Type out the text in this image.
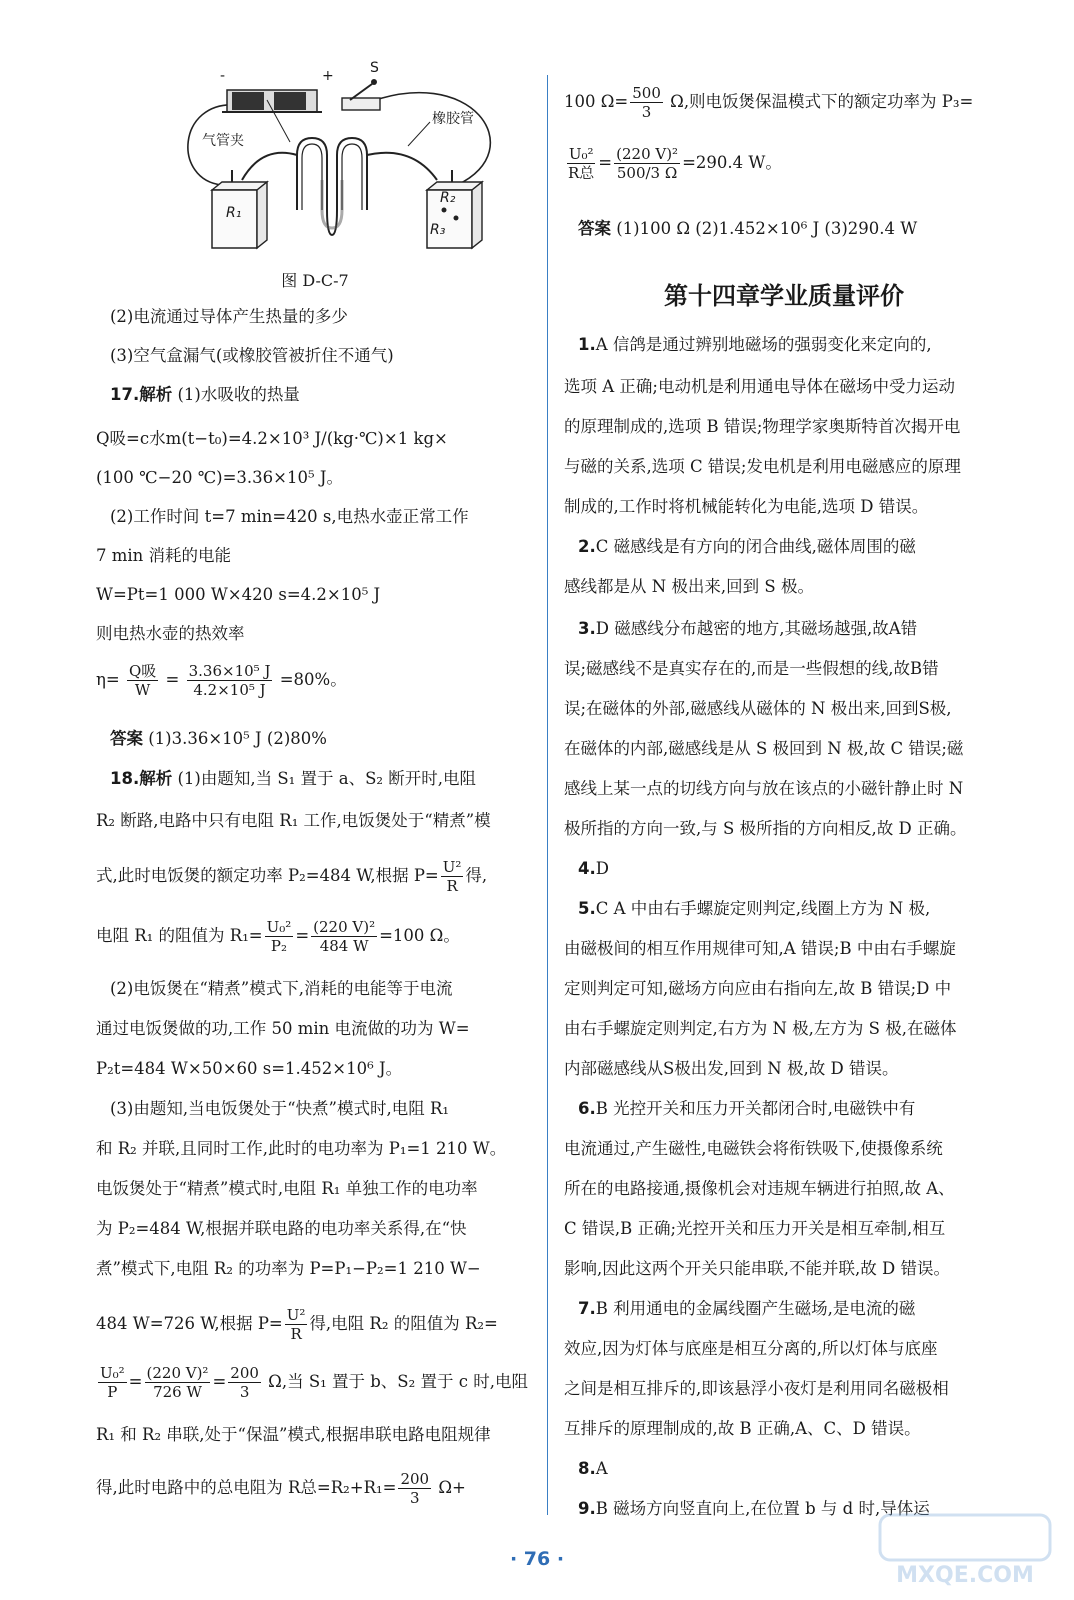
-	+	S
气管夹
橡胶管
R₁
R₂
R₃
图 D-C-7
(2)电流通过导体产生热量的多少
(3)空气盒漏气(或橡胶管被折住不通气)
17.解析 (1)水吸收的热量
Q吸=c水m(t−t₀)=4.2×10³ J/(kg·℃)×1 kg×
(100 ℃−20 ℃)=3.36×10⁵ J。
(2)工作时间 t=7 min=420 s,电热水壶正常工作
7 min 消耗的电能
W=Pt=1 000 W×420 s=4.2×10⁵ J
则电热水壶的热效率
$\eta= \frac{\text{Q吸}}{W} = \frac{\text{3.36×10⁵ J}}{\text{4.2×10⁵ J}} =80\%$。
答案 (1)3.36×10⁵ J (2)80%
18.解析 (1)由题知,当 S₁ 置于 a、S₂ 断开时,电阻
R₂ 断路,电路中只有电阻 R₁ 工作,电饭煲处于“精煮”模
式,此时电饭煲的额定功率 P₂=484 W,根据 $P= \frac{\text{U²}}{R}$ 得,
电阻 R₁ 的阻值为 $R_1= \frac{\text{U₀²}}{\text{P₂}} = \frac{\text{(220 V)²}}{484 W} =100$ Ω。
(2)电饭煲在“精煮”模式下,消耗的电能等于电流
通过电饭煲做的功,工作 50 min 电流做的功为 W=
P₂t=484 W×50×60 s=1.452×10⁶ J。
(3)由题知,当电饭煲处于“快煮”模式时,电阻 R₁
和 R₂ 并联,且同时工作,此时的电功率为 P₁=1 210 W。
电饭煲处于“精煮”模式时,电阻 R₁ 单独工作的电功率
为 P₂=484 W,根据并联电路的电功率关系得,在“快
煮”模式下,电阻 R₂ 的功率为 P=P₁−P₂=1 210 W−
484 W=726 W,根据 $P= \frac{\text{U²}}{R}$ 得,电阻 R₂ 的阻值为 R₂=
$\frac{\text{U₀²}}{P} = \frac{\text{(220 V)²}}{726 W} = \frac{200}{3} \Omega$,当 S₁ 置于 b、S₂ 置于 c 时,电阻
R₁ 和 R₂ 串联,处于“保温”模式,根据串联电路电阻规律
得,此时电路中的总电阻为 R总$=R_2+R_1= \frac{200}{3} \Omega+$
100 $\Omega= \frac{500}{3} \Omega$,则电饭煲保温模式下的额定功率为 P₃=
$\frac{\text{U₀²}}{\text{R总}} = \frac{\text{(220 V)²}}{500/3 \Omega} =290.4$ W。
答案 (1)100 Ω (2)1.452×10⁶ J (3)290.4 W
第十四章学业质量评价
1.A 信鸽是通过辨别地磁场的强弱变化来定向的,
选项 A 正确;电动机是利用通电导体在磁场中受力运动
的原理制成的,选项 B 错误;物理学家奥斯特首次揭开电
与磁的关系,选项 C 错误;发电机是利用电磁感应的原理
制成的,工作时将机械能转化为电能,选项 D 错误。
2.C 磁感线是有方向的闭合曲线,磁体周围的磁
感线都是从 N 极出来,回到 S 极。
3.D 磁感线分布越密的地方,其磁场越强,故A错
误;磁感线不是真实存在的,而是一些假想的线,故B错
误;在磁体的外部,磁感线从磁体的 N 极出来,回到S极,
在磁体的内部,磁感线是从 S 极回到 N 极,故 C 错误;磁
感线上某一点的切线方向与放在该点的小磁针静止时 N
极所指的方向一致,与 S 极所指的方向相反,故 D 正确。
4.D
5.C A 中由右手螺旋定则判定,线圈上方为 N 极,
由磁极间的相互作用规律可知,A 错误;B 中由右手螺旋
定则判定可知,磁场方向应由右指向左,故 B 错误;D 中
由右手螺旋定则判定,右方为 N 极,左方为 S 极,在磁体
内部磁感线从S极出发,回到 N 极,故 D 错误。
6.B 光控开关和压力开关都闭合时,电磁铁中有
电流通过,产生磁性,电磁铁会将衔铁吸下,使摄像系统
所在的电路接通,摄像机会对违规车辆进行拍照,故 A、
C 错误,B 正确;光控开关和压力开关是相互牵制,相互
影响,因此这两个开关只能串联,不能并联,故 D 错误。
7.B 利用通电的金属线圈产生磁场,是电流的磁
效应,因为灯体与底座是相互分离的,所以灯体与底座
之间是相互排斥的,即该悬浮小夜灯是利用同名磁极相
互排斥的原理制成的,故 B 正确,A、C、D 错误。
8.A
9.B 磁场方向竖直向上,在位置 b 与 d 时,导体运
· 76 ·
MXQE.COM
